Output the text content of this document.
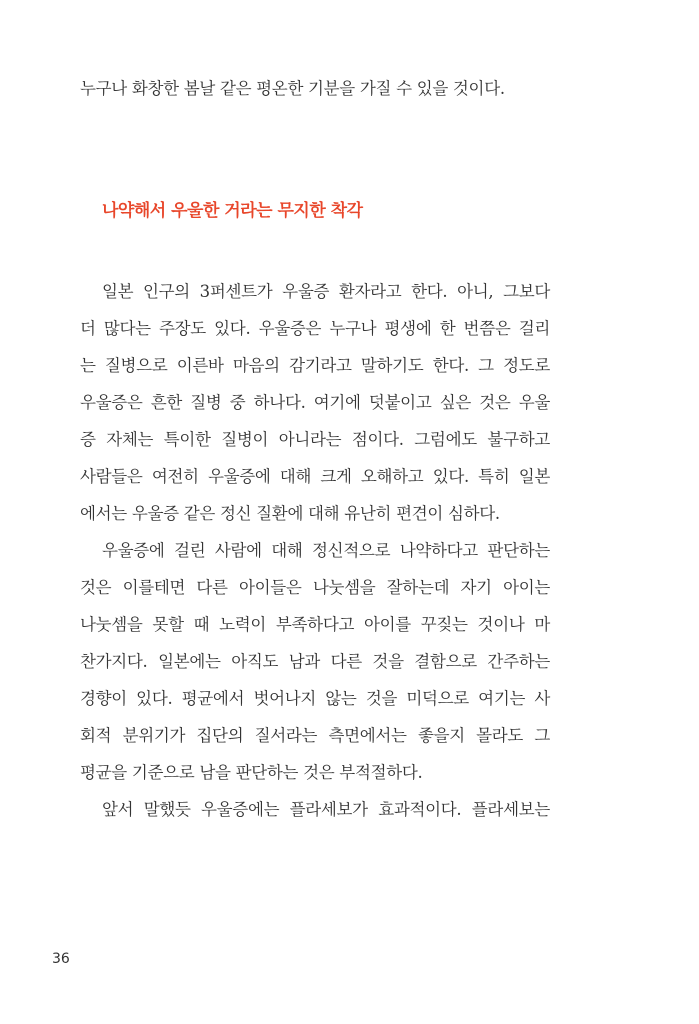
누구나 화창한 봄날 같은 평온한 기분을 가질 수 있을 것이다.
나약해서 우울한 거라는 무지한 착각
일본 인구의 3퍼센트가 우울증 환자라고 한다. 아니, 그보다
더 많다는 주장도 있다. 우울증은 누구나 평생에 한 번쯤은 걸리
는 질병으로 이른바 마음의 감기라고 말하기도 한다. 그 정도로
우울증은 흔한 질병 중 하나다. 여기에 덧붙이고 싶은 것은 우울
증 자체는 특이한 질병이 아니라는 점이다. 그럼에도 불구하고
사람들은 여전히 우울증에 대해 크게 오해하고 있다. 특히 일본
에서는 우울증 같은 정신 질환에 대해 유난히 편견이 심하다.
우울증에 걸린 사람에 대해 정신적으로 나약하다고 판단하는
것은 이를테면 다른 아이들은 나눗셈을 잘하는데 자기 아이는
나눗셈을 못할 때 노력이 부족하다고 아이를 꾸짖는 것이나 마
찬가지다. 일본에는 아직도 남과 다른 것을 결함으로 간주하는
경향이 있다. 평균에서 벗어나지 않는 것을 미덕으로 여기는 사
회적 분위기가 집단의 질서라는 측면에서는 좋을지 몰라도 그
평균을 기준으로 남을 판단하는 것은 부적절하다.
앞서 말했듯 우울증에는 플라세보가 효과적이다. 플라세보는
36
